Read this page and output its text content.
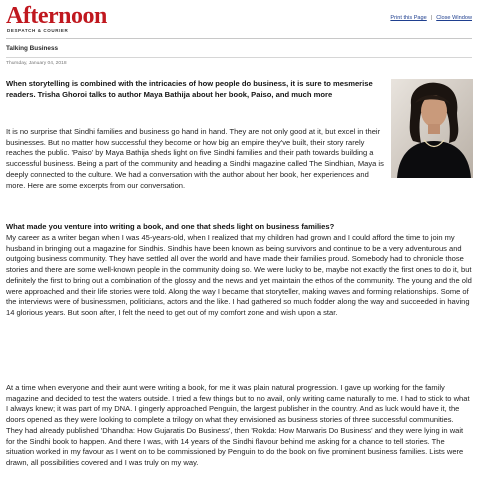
Afternoon
DESPATCH & COURIER
Print this Page | Close Window
Talking Business
Thursday, January 04, 2018
When storytelling is combined with the intricacies of how people do business, it is sure to mesmerise readers. Trisha Ghoroi talks to author Maya Bathija about her book, Paiso, and much more
It is no surprise that Sindhi families and business go hand in hand. They are not only good at it, but excel in their businesses. But no matter how successful they become or how big an empire they've built, their story rarely reaches the public. 'Paiso' by Maya Bathija sheds light on five Sindhi families and their path towards building a successful business. Being a part of the community and heading a Sindhi magazine called The Sindhian, Maya is deeply connected to the culture. We had a conversation with the author about her book, her experiences and more. Here are some excerpts from our conversation.
What made you venture into writing a book, and one that sheds light on business families?
My career as a writer began when I was 45-years-old, when I realized that my children had grown and I could afford the time to join my husband in bringing out a magazine for Sindhis. Sindhis have been known as being survivors and continue to be a very adventurous and outgoing business community. They have settled all over the world and have made their families proud. Somebody had to chronicle those stories and there are some well-known people in the community doing so. We were lucky to be, maybe not exactly the first ones to do it, but definitely the first to bring out a combination of the glossy and the news and yet maintain the ethos of the community. The young and the old were approached and their life stories were told. Along the way I became that storyteller, making waves and forming relationships. Some of the interviews were of businessmen, politicians, actors and the like. I had gathered so much fodder along the way and succeeded in having 14 glorious years. But soon after, I felt the need to get out of my comfort zone and wish upon a star.
At a time when everyone and their aunt were writing a book, for me it was plain natural progression. I gave up working for the family magazine and decided to test the waters outside. I tried a few things but to no avail, only writing came naturally to me. I had to stick to what I always knew; it was part of my DNA. I gingerly approached Penguin, the largest publisher in the country. And as luck would have it, the doors opened as they were looking to complete a trilogy on what they envisioned as business stories of three successful communities. They had already published 'Dhandha: How Gujaratis Do Business', then 'Rokda: How Marwaris Do Business' and they were lying in wait for the Sindhi book to happen. And there I was, with 14 years of the Sindhi flavour behind me asking for a chance to tell stories. The situation worked in my favour as I went on to be commissioned by Penguin to do the book on five prominent business families. Lists were drawn, all possibilities covered and I was truly on my way.
